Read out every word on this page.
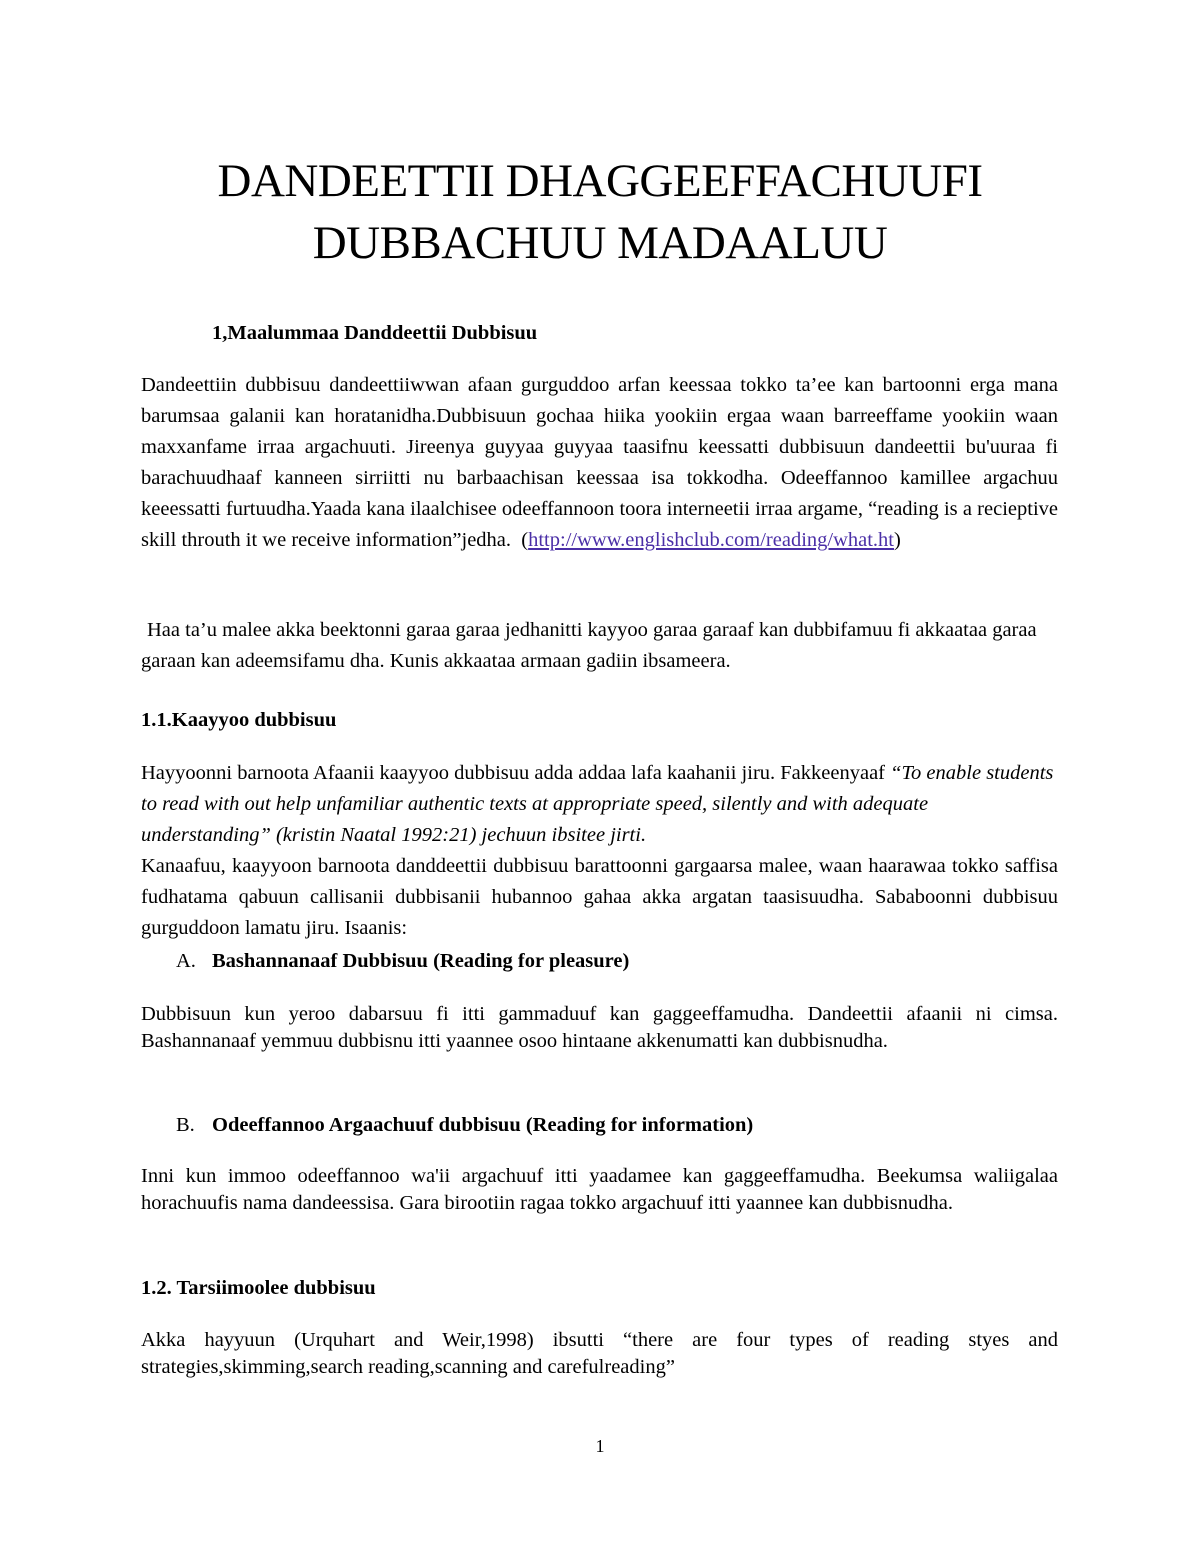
DANDEETTII DHAGGEEFFACHUUFI
DUBBACHUU MADAALUU
1,Maalummaa Danddeettii Dubbisuu

Dandeettiin dubbisuu dandeettiiwwan afaan gurguddoo arfan keessaa tokko ta’ee kan bartoonni erga mana barumsaa galanii kan horatanidha.Dubbisuun gochaa hiika yookiin ergaa waan barreeffame yookiin waan maxxanfame irraa argachuuti. Jireenya guyyaa guyyaa taasifnu keessatti dubbisuun dandeettii bu'uuraa fi barachuudhaaf kanneen sirriitti nu barbaachisan keessaa isa tokkodha. Odeeffannoo kamillee argachuu keeessatti furtuudha.Yaada kana ilaalchisee odeeffannoon toora interneetii irraa argame, “reading is a recieptive skill throuth it we receive information”jedha. (http://www.englishclub.com/reading/what.ht)

Haa ta’u malee akka beektonni garaa garaa jedhanitti kayyoo garaa garaaf kan dubbifamuu fi akkaataa garaa garaan kan adeemsifamu dha. Kunis akkaataa armaan gadiin ibsameera.

1.1.Kaayyoo dubbisuu

Hayyoonni barnoota Afaanii kaayyoo dubbisuu adda addaa lafa kaahanii jiru. Fakkeenyaaf “To enable students to read with out help unfamiliar authentic texts at appropriate speed, silently and with adequate understanding” (kristin Naatal 1992:21) jechuun ibsitee jirti.

Kanaafuu, kaayyoon barnoota danddeettii dubbisuu barattoonni gargaarsa malee, waan haarawaa tokko saffisa fudhatama qabuun callisanii dubbisanii hubannoo gahaa akka argatan taasisuudha. Sababoonni dubbisuu gurguddoon lamatu jiru. Isaanis:

A. Bashannanaaf Dubbisuu (Reading for pleasure)

Dubbisuun kun yeroo dabarsuu fi itti gammaduuf kan gaggeeffamudha. Dandeettii afaanii ni cimsa. Bashannanaaf yemmuu dubbisnu itti yaannee osoo hintaane akkenumatti kan dubbisnudha.

B. Odeeffannoo Argaachuuf dubbisuu (Reading for information)

Inni kun immoo odeeffannoo wa'ii argachuuf itti yaadamee kan gaggeeffamudha. Beekumsa waliigalaa horachuufis nama dandeessisa. Gara birootiin ragaa tokko argachuuf itti yaannee kan dubbisnudha.

1.2. Tarsiimoolee dubbisuu

Akka hayyuun (Urquhart and Weir,1998) ibsutti “there are four types of reading styes and strategies,skimming,search reading,scanning and carefulreading”

1
